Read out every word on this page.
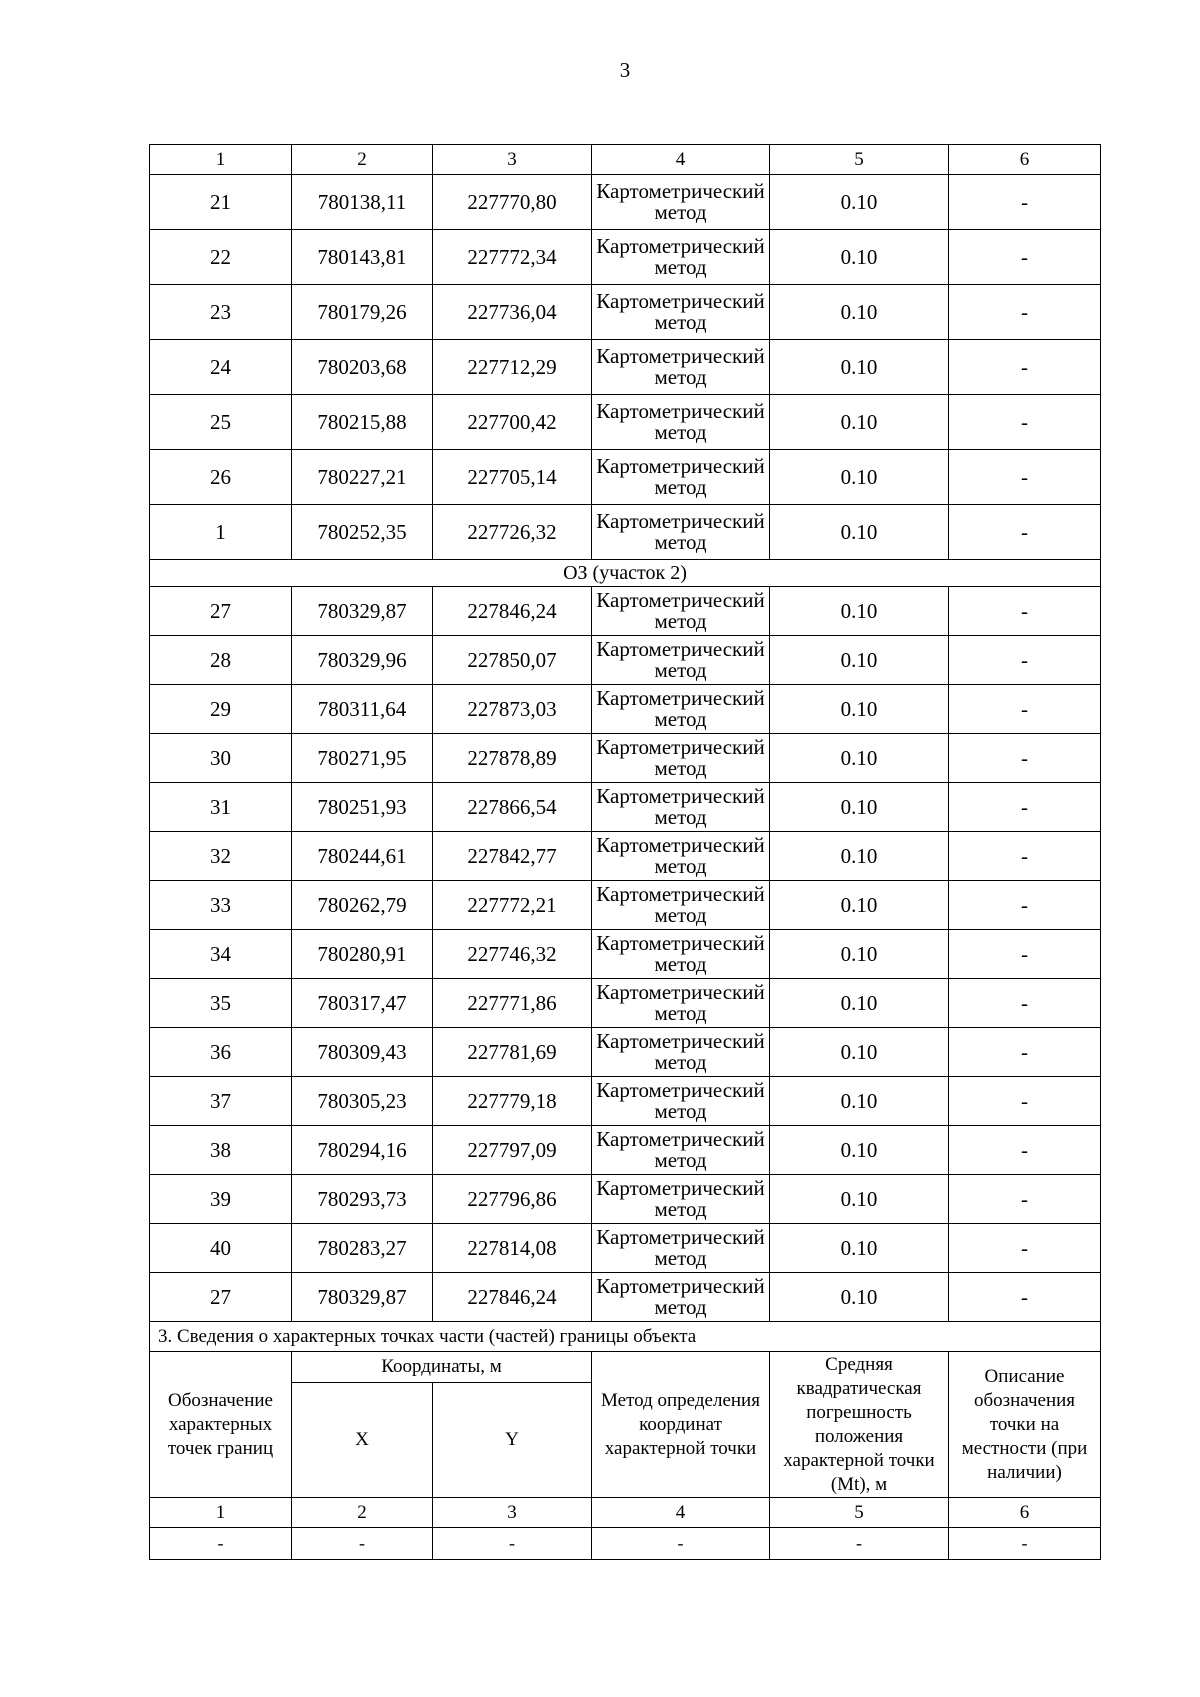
3
1	2	3	4	5	6
21	780138,11	227770,80	Картометрический метод	0.10	-
22	780143,81	227772,34	Картометрический метод	0.10	-
23	780179,26	227736,04	Картометрический метод	0.10	-
24	780203,68	227712,29	Картометрический метод	0.10	-
25	780215,88	227700,42	Картометрический метод	0.10	-
26	780227,21	227705,14	Картометрический метод	0.10	-
1	780252,35	227726,32	Картометрический метод	0.10	-
ОЗ (участок 2)					
27	780329,87	227846,24	Картометрический метод	0.10	-
28	780329,96	227850,07	Картометрический метод	0.10	-
29	780311,64	227873,03	Картометрический метод	0.10	-
30	780271,95	227878,89	Картометрический метод	0.10	-
31	780251,93	227866,54	Картометрический метод	0.10	-
32	780244,61	227842,77	Картометрический метод	0.10	-
33	780262,79	227772,21	Картометрический метод	0.10	-
34	780280,91	227746,32	Картометрический метод	0.10	-
35	780317,47	227771,86	Картометрический метод	0.10	-
36	780309,43	227781,69	Картометрический метод	0.10	-
37	780305,23	227779,18	Картометрический метод	0.10	-
38	780294,16	227797,09	Картометрический метод	0.10	-
39	780293,73	227796,86	Картометрический метод	0.10	-
40	780283,27	227814,08	Картометрический метод	0.10	-
27	780329,87	227846,24	Картометрический метод	0.10	-
3. Сведения о характерных точках части (частей) границы объекта					
Обозначение характерных точек границ	Координаты, м		Метод определения координат характерной точки	Средняя квадратическая погрешность положения характерной точки (Mt), м	Описание обозначения точки на местности (при наличии)
	X	Y			
1	2	3	4	5	6
-	-	-	-	-	-
